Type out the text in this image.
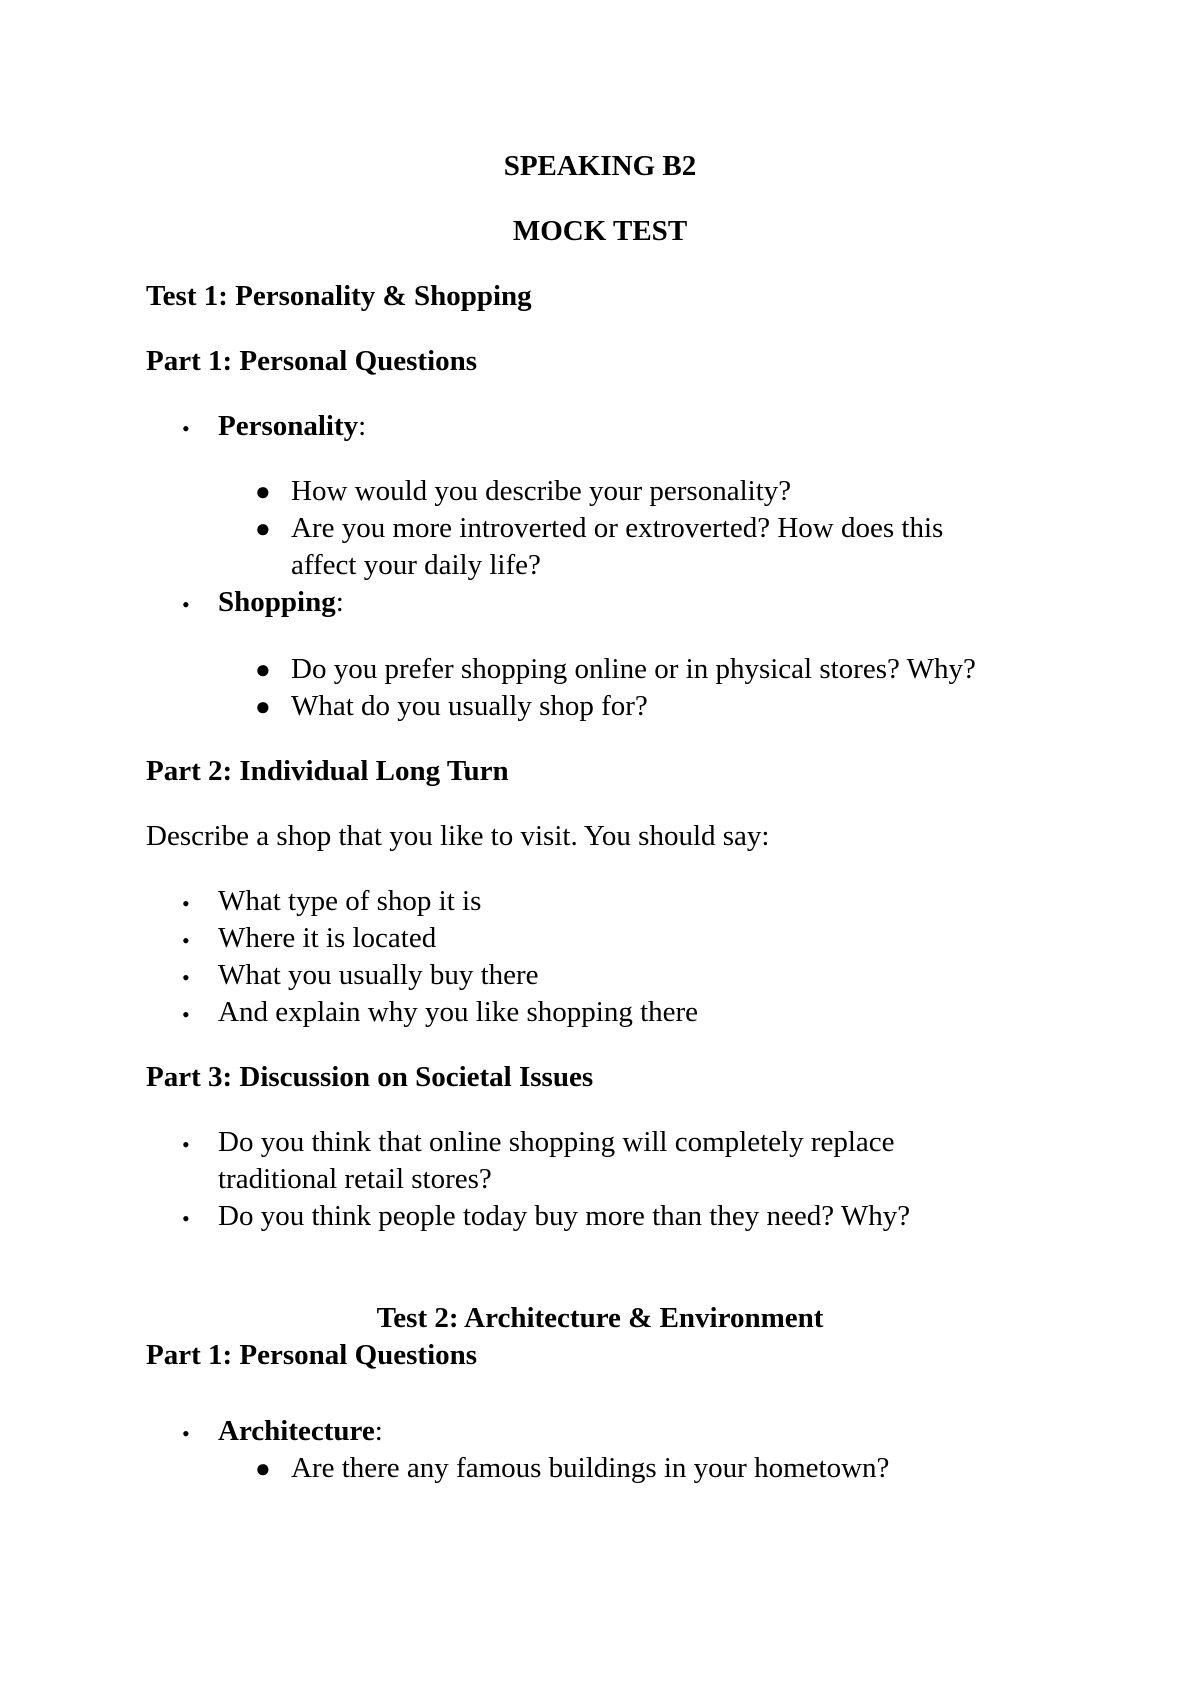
SPEAKING B2
MOCK TEST
Test 1: Personality & Shopping
Part 1: Personal Questions
• Personality:
● How would you describe your personality?
● Are you more introverted or extroverted? How does this
affect your daily life?
• Shopping:
● Do you prefer shopping online or in physical stores? Why?
● What do you usually shop for?
Part 2: Individual Long Turn
Describe a shop that you like to visit. You should say:
• What type of shop it is
• Where it is located
• What you usually buy there
• And explain why you like shopping there
Part 3: Discussion on Societal Issues
• Do you think that online shopping will completely replace
traditional retail stores?
• Do you think people today buy more than they need? Why?
Test 2: Architecture & Environment
Part 1: Personal Questions
• Architecture:
● Are there any famous buildings in your hometown?
